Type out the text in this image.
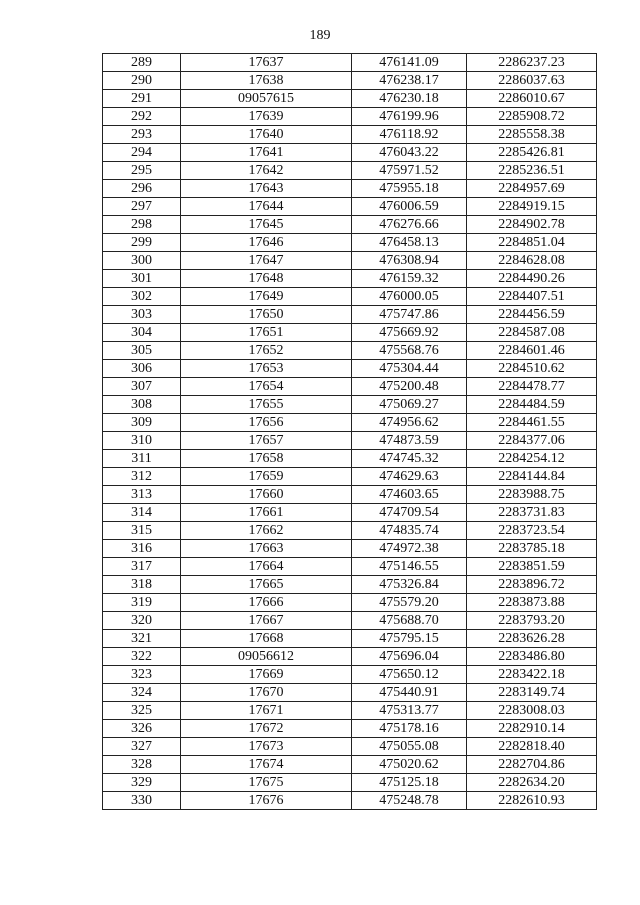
189
289	17637	476141.09	2286237.23
290	17638	476238.17	2286037.63
291	09057615	476230.18	2286010.67
292	17639	476199.96	2285908.72
293	17640	476118.92	2285558.38
294	17641	476043.22	2285426.81
295	17642	475971.52	2285236.51
296	17643	475955.18	2284957.69
297	17644	476006.59	2284919.15
298	17645	476276.66	2284902.78
299	17646	476458.13	2284851.04
300	17647	476308.94	2284628.08
301	17648	476159.32	2284490.26
302	17649	476000.05	2284407.51
303	17650	475747.86	2284456.59
304	17651	475669.92	2284587.08
305	17652	475568.76	2284601.46
306	17653	475304.44	2284510.62
307	17654	475200.48	2284478.77
308	17655	475069.27	2284484.59
309	17656	474956.62	2284461.55
310	17657	474873.59	2284377.06
311	17658	474745.32	2284254.12
312	17659	474629.63	2284144.84
313	17660	474603.65	2283988.75
314	17661	474709.54	2283731.83
315	17662	474835.74	2283723.54
316	17663	474972.38	2283785.18
317	17664	475146.55	2283851.59
318	17665	475326.84	2283896.72
319	17666	475579.20	2283873.88
320	17667	475688.70	2283793.20
321	17668	475795.15	2283626.28
322	09056612	475696.04	2283486.80
323	17669	475650.12	2283422.18
324	17670	475440.91	2283149.74
325	17671	475313.77	2283008.03
326	17672	475178.16	2282910.14
327	17673	475055.08	2282818.40
328	17674	475020.62	2282704.86
329	17675	475125.18	2282634.20
330	17676	475248.78	2282610.93
